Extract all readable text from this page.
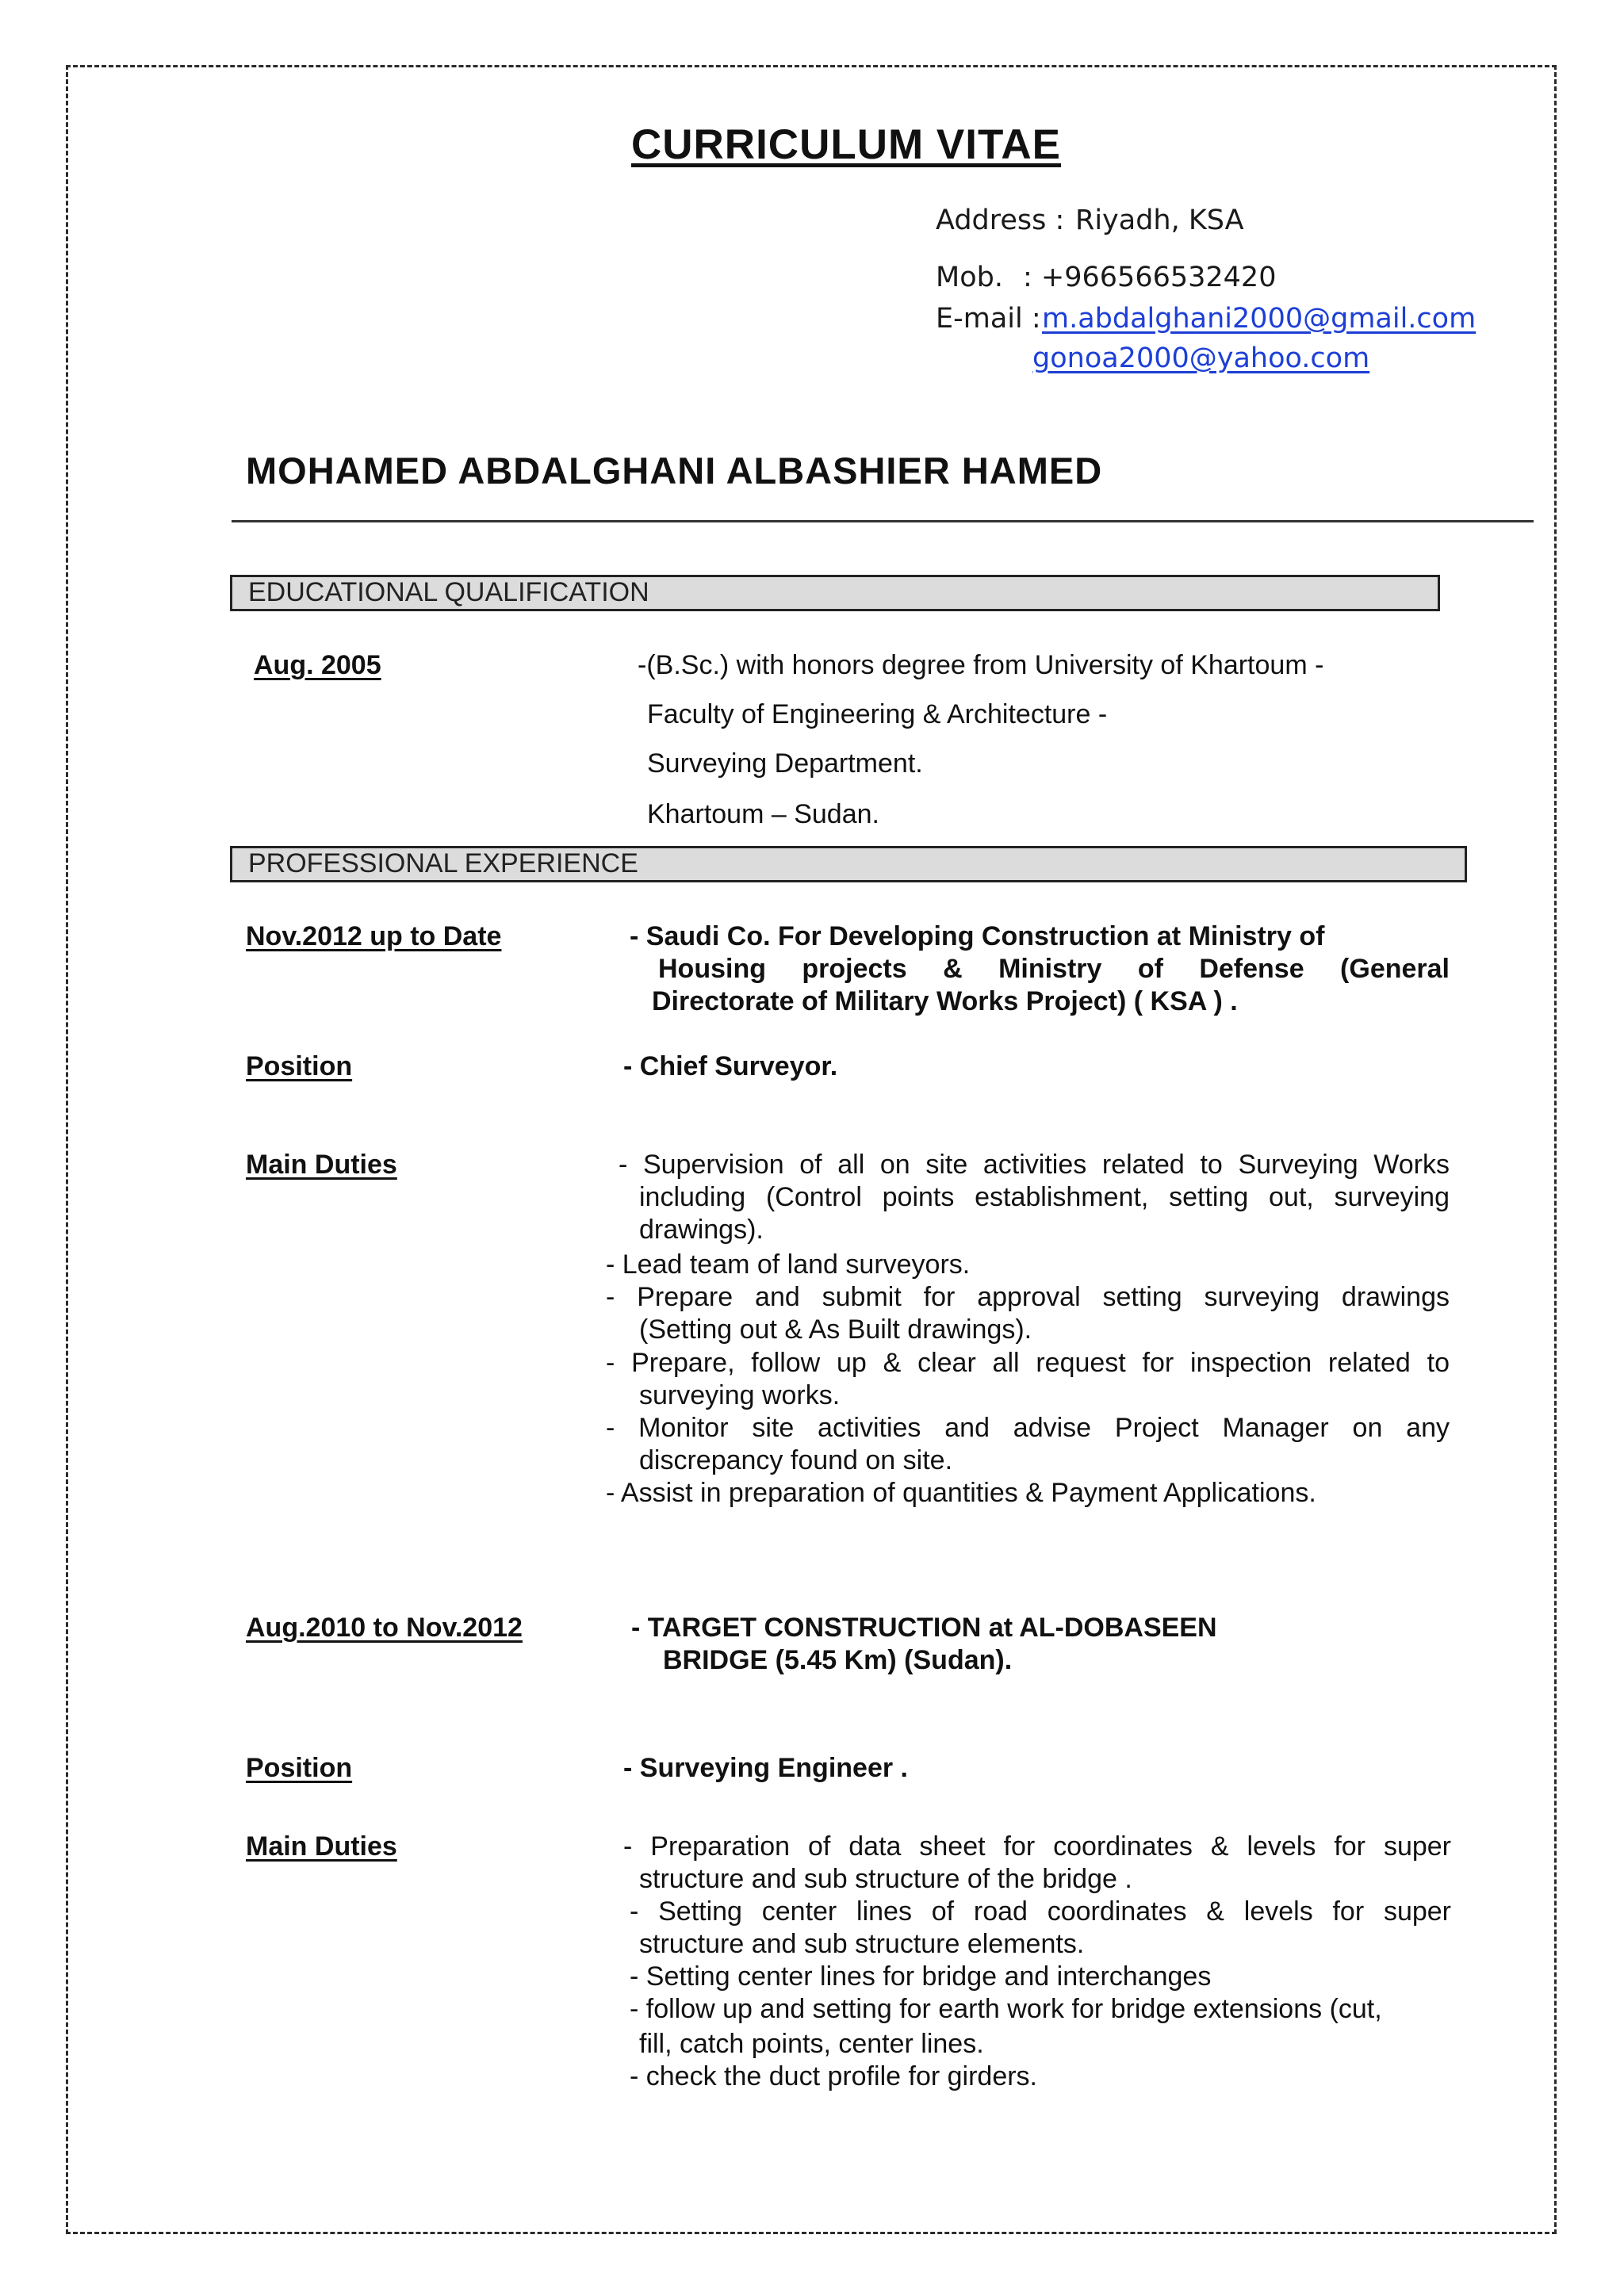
CURRICULUM VITAE
Address : Riyadh, KSA
Mob. : +966566532420
E-mail : m.abdalghani2000@gmail.com
gonoa2000@yahoo.com
MOHAMED ABDALGHANI ALBASHIER HAMED
EDUCATIONAL QUALIFICATION
Aug. 2005	-(B.Sc.) with honors degree from University of Khartoum -
Faculty of Engineering & Architecture -
Surveying Department.
Khartoum – Sudan.
PROFESSIONAL EXPERIENCE
Nov.2012 up to Date	- Saudi Co. For Developing Construction at Ministry of
Housing projects & Ministry of Defense (General
Directorate of Military Works Project) ( KSA ) .
Position	- Chief Surveyor.
Main Duties	- Supervision of all on site activities related to Surveying Works
including (Control points establishment, setting out, surveying
drawings).
- Lead team of land surveyors.
- Prepare and submit for approval setting surveying drawings
(Setting out & As Built drawings).
- Prepare, follow up & clear all request for inspection related to
surveying works.
- Monitor site activities and advise Project Manager on any
discrepancy found on site.
- Assist in preparation of quantities & Payment Applications.
Aug.2010 to Nov.2012	- TARGET CONSTRUCTION at AL-DOBASEEN
BRIDGE (5.45 Km) (Sudan).
Position	- Surveying Engineer .
Main Duties	- Preparation of data sheet for coordinates & levels for super
structure and sub structure of the bridge .
- Setting center lines of road coordinates & levels for super
structure and sub structure elements.
- Setting center lines for bridge and interchanges
- follow up and setting for earth work for bridge extensions (cut,
fill, catch points, center lines.
- check the duct profile for girders.
